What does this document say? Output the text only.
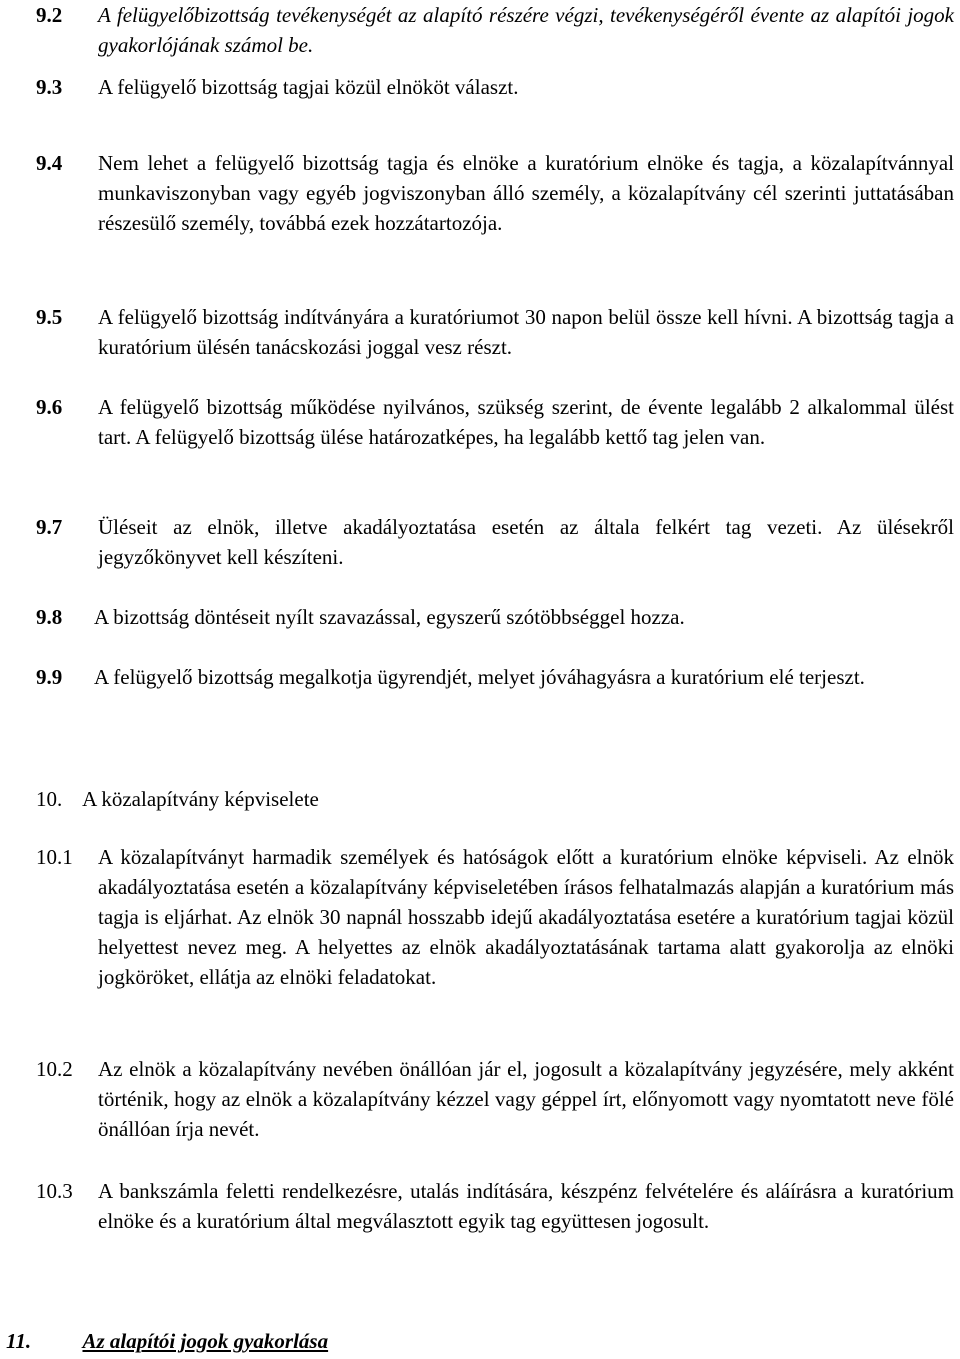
9.2	A felügyelőbizottság tevékenységét az alapító részére végzi, tevékenységéről évente az alapítói jogok gyakorlójának számol be.
9.3	A felügyelő bizottság tagjai közül elnököt választ.
9.4	Nem lehet a felügyelő bizottság tagja és elnöke a kuratórium elnöke és tagja, a közalapítvánnyal munkaviszonyban vagy egyéb jogviszonyban álló személy, a közalapítvány cél szerinti juttatásában részesülő személy, továbbá ezek hozzátartozója.
9.5	A felügyelő bizottság indítványára a kuratóriumot 30 napon belül össze kell hívni. A bizottság tagja a kuratórium ülésén tanácskozási joggal vesz részt.
9.6	A felügyelő bizottság működése nyilvános, szükség szerint, de évente legalább 2 alkalommal ülést tart. A felügyelő bizottság ülése határozatképes, ha legalább kettő tag jelen van.
9.7	Üléseit az elnök, illetve akadályoztatása esetén az általa felkért tag vezeti. Az ülésekről jegyzőkönyvet kell készíteni.
9.8	A bizottság döntéseit nyílt szavazással, egyszerű szótöbbséggel hozza.
9.9	A felügyelő bizottság megalkotja ügyrendjét, melyet jóváhagyásra a kuratórium elé terjeszt.
10. A közalapítvány képviselete
10.1	A közalapítványt harmadik személyek és hatóságok előtt a kuratórium elnöke képviseli. Az elnök akadályoztatása esetén a közalapítvány képviseletében írásos felhatalmazás alapján a kuratórium más tagja is eljárhat. Az elnök 30 napnál hosszabb idejű akadályoztatása esetére a kuratórium tagjai közül helyettest nevez meg. A helyettes az elnök akadályoztatásának tartama alatt gyakorolja az elnöki jogköröket, ellátja az elnöki feladatokat.
10.2	Az elnök a közalapítvány nevében önállóan jár el, jogosult a közalapítvány jegyzésére, mely akként történik, hogy az elnök a közalapítvány kézzel vagy géppel írt, előnyomott vagy nyomtatott neve fölé önállóan írja nevét.
10.3	A bankszámla feletti rendelkezésre, utalás indítására, készpénz felvételére és aláírásra a kuratórium elnöke és a kuratórium által megválasztott egyik tag együttesen jogosult.
11. Az alapítói jogok gyakorlása
